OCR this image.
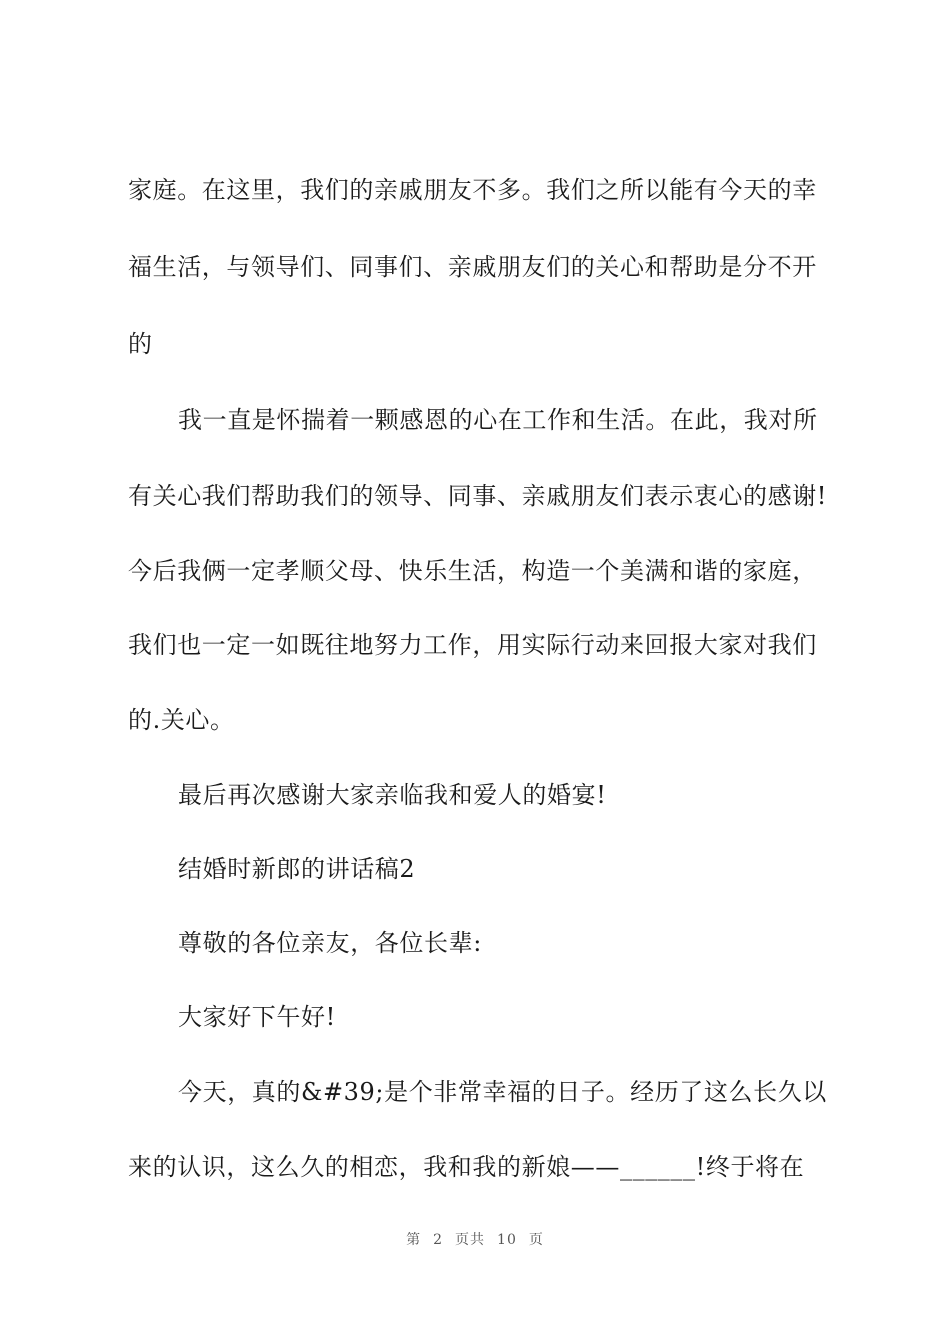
家庭。在这里，我们的亲戚朋友不多。我们之所以能有今天的幸
福生活，与领导们、同事们、亲戚朋友们的关心和帮助是分不开
的
我一直是怀揣着一颗感恩的心在工作和生活。在此，我对所
有关心我们帮助我们的领导、同事、亲戚朋友们表示衷心的感谢!
今后我俩一定孝顺父母、快乐生活，构造一个美满和谐的家庭，
我们也一定一如既往地努力工作，用实际行动来回报大家对我们
的.关心。
最后再次感谢大家亲临我和爱人的婚宴!
结婚时新郎的讲话稿2
尊敬的各位亲友，各位长辈:
大家好下午好!
今天，真的&#39;是个非常幸福的日子。经历了这么长久以
来的认识，这么久的相恋，我和我的新娘——______!终于将在
第 2 页共 10 页
